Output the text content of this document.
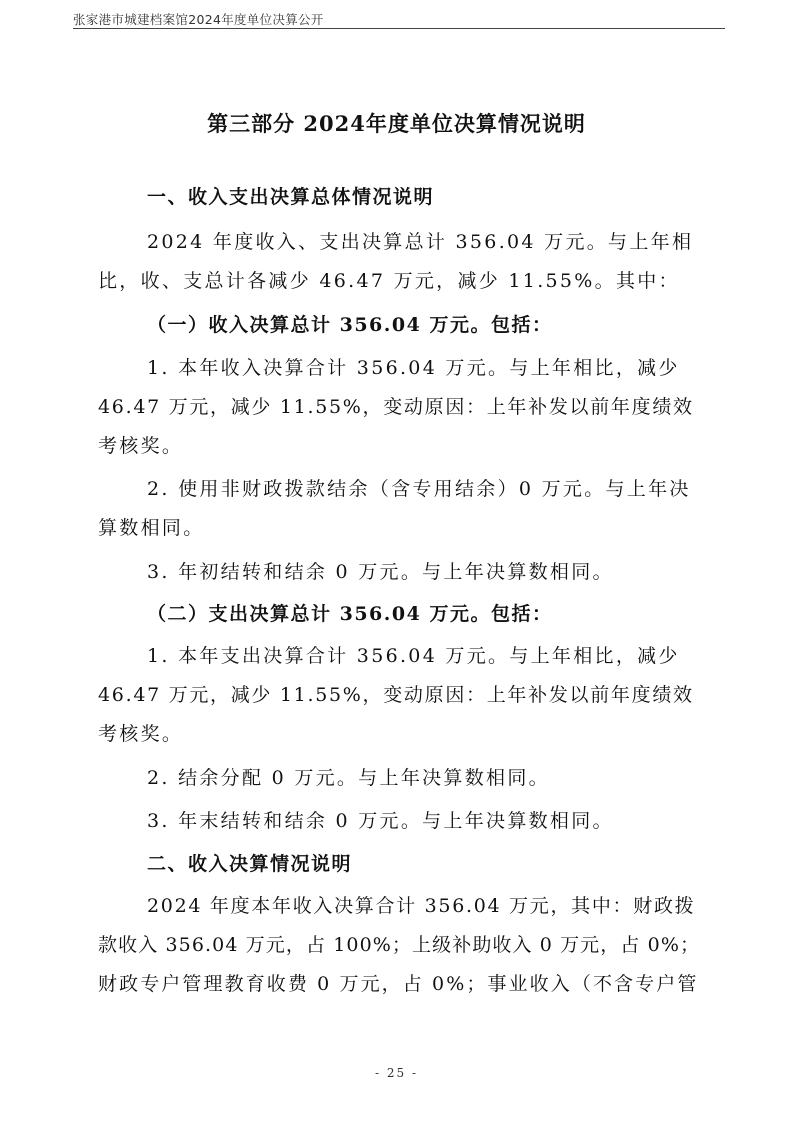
张家港市城建档案馆2024年度单位决算公开
第三部分 2024年度单位决算情况说明
一、收入支出决算总体情况说明
2024 年度收入、支出决算总计 356.04 万元。与上年相
比，收、支总计各减少 46.47 万元，减少 11.55%。其中：
（一）收入决算总计 356.04 万元。包括：
1. 本年收入决算合计 356.04 万元。与上年相比，减少
46.47 万元，减少 11.55%，变动原因：上年补发以前年度绩效
考核奖。
2. 使用非财政拨款结余（含专用结余）0 万元。与上年决
算数相同。
3. 年初结转和结余 0 万元。与上年决算数相同。
（二）支出决算总计 356.04 万元。包括：
1. 本年支出决算合计 356.04 万元。与上年相比，减少
46.47 万元，减少 11.55%，变动原因：上年补发以前年度绩效
考核奖。
2. 结余分配 0 万元。与上年决算数相同。
3. 年末结转和结余 0 万元。与上年决算数相同。
二、收入决算情况说明
2024 年度本年收入决算合计 356.04 万元，其中：财政拨
款收入 356.04 万元，占 100%；上级补助收入 0 万元，占 0%；
财政专户管理教育收费 0 万元，占 0%；事业收入（不含专户管
- 25 -
